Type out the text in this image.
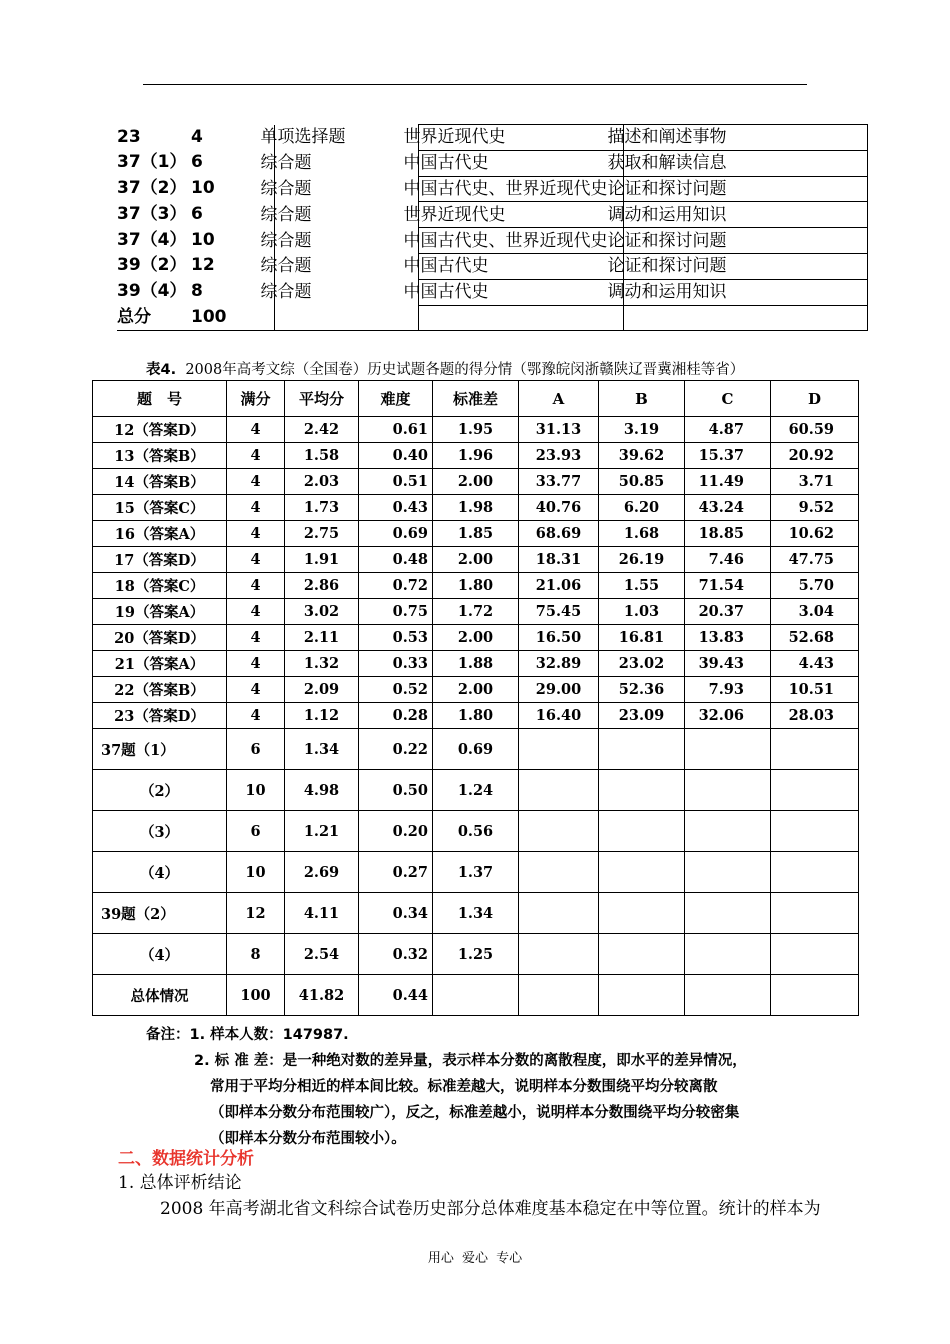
23 4	单项选择题	世界近现代史	描述和阐述事物

37（1） 6	综合题	中国古代史	获取和解读信息

37（2） 10	综合题	中国古代史、世界近现代史	论证和探讨问题

37（3） 6	综合题	世界近现代史	调动和运用知识

37（4） 10	综合题	中国古代史、世界近现代史	论证和探讨问题

39（2） 12	综合题	中国古代史	论证和探讨问题

39（4） 8	综合题	中国古代史	调动和运用知识

总分 100			

表4. 2008年高考文综（全国卷）历史试题各题的得分情（鄂豫皖闵浙赣陕辽晋冀湘桂等省）
题　号	满分	平均分	难度	标准差	A	B	C	D
12（答案D）	4	2.42	0.61	1.95	31.13	3.19	4.87	60.59
13（答案B）	4	1.58	0.40	1.96	23.93	39.62	15.37	20.92
14（答案B）	4	2.03	0.51	2.00	33.77	50.85	11.49	3.71
15（答案C）	4	1.73	0.43	1.98	40.76	6.20	43.24	9.52
16（答案A）	4	2.75	0.69	1.85	68.69	1.68	18.85	10.62
17（答案D）	4	1.91	0.48	2.00	18.31	26.19	7.46	47.75
18（答案C）	4	2.86	0.72	1.80	21.06	1.55	71.54	5.70
19（答案A）	4	3.02	0.75	1.72	75.45	1.03	20.37	3.04
20（答案D）	4	2.11	0.53	2.00	16.50	16.81	13.83	52.68
21（答案A）	4	1.32	0.33	1.88	32.89	23.02	39.43	4.43
22（答案B）	4	2.09	0.52	2.00	29.00	52.36	7.93	10.51
23（答案D）	4	1.12	0.28	1.80	16.40	23.09	32.06	28.03
37题（1）	6	1.34	0.22	0.69				
（2）	10	4.98	0.50	1.24				
（3）	6	1.21	0.20	0.56				
（4）	10	2.69	0.27	1.37				
39题（2）	12	4.11	0.34	1.34				
（4）	8	2.54	0.32	1.25				
总体情况	100	41.82	0.44					
备注：1. 样本人数：147987.
2. 标 准 差：是一种绝对数的差异量，表示样本分数的离散程度，即水平的差异情况，
常用于平均分相近的样本间比较。标准差越大，说明样本分数围绕平均分较离散
（即样本分数分布范围较广），反之，标准差越小，说明样本分数围绕平均分较密集
（即样本分数分布范围较小）。
二、数据统计分析
1. 总体评析结论
2008 年高考湖北省文科综合试卷历史部分总体难度基本稳定在中等位置。统计的样本为
用心 爱心 专心
